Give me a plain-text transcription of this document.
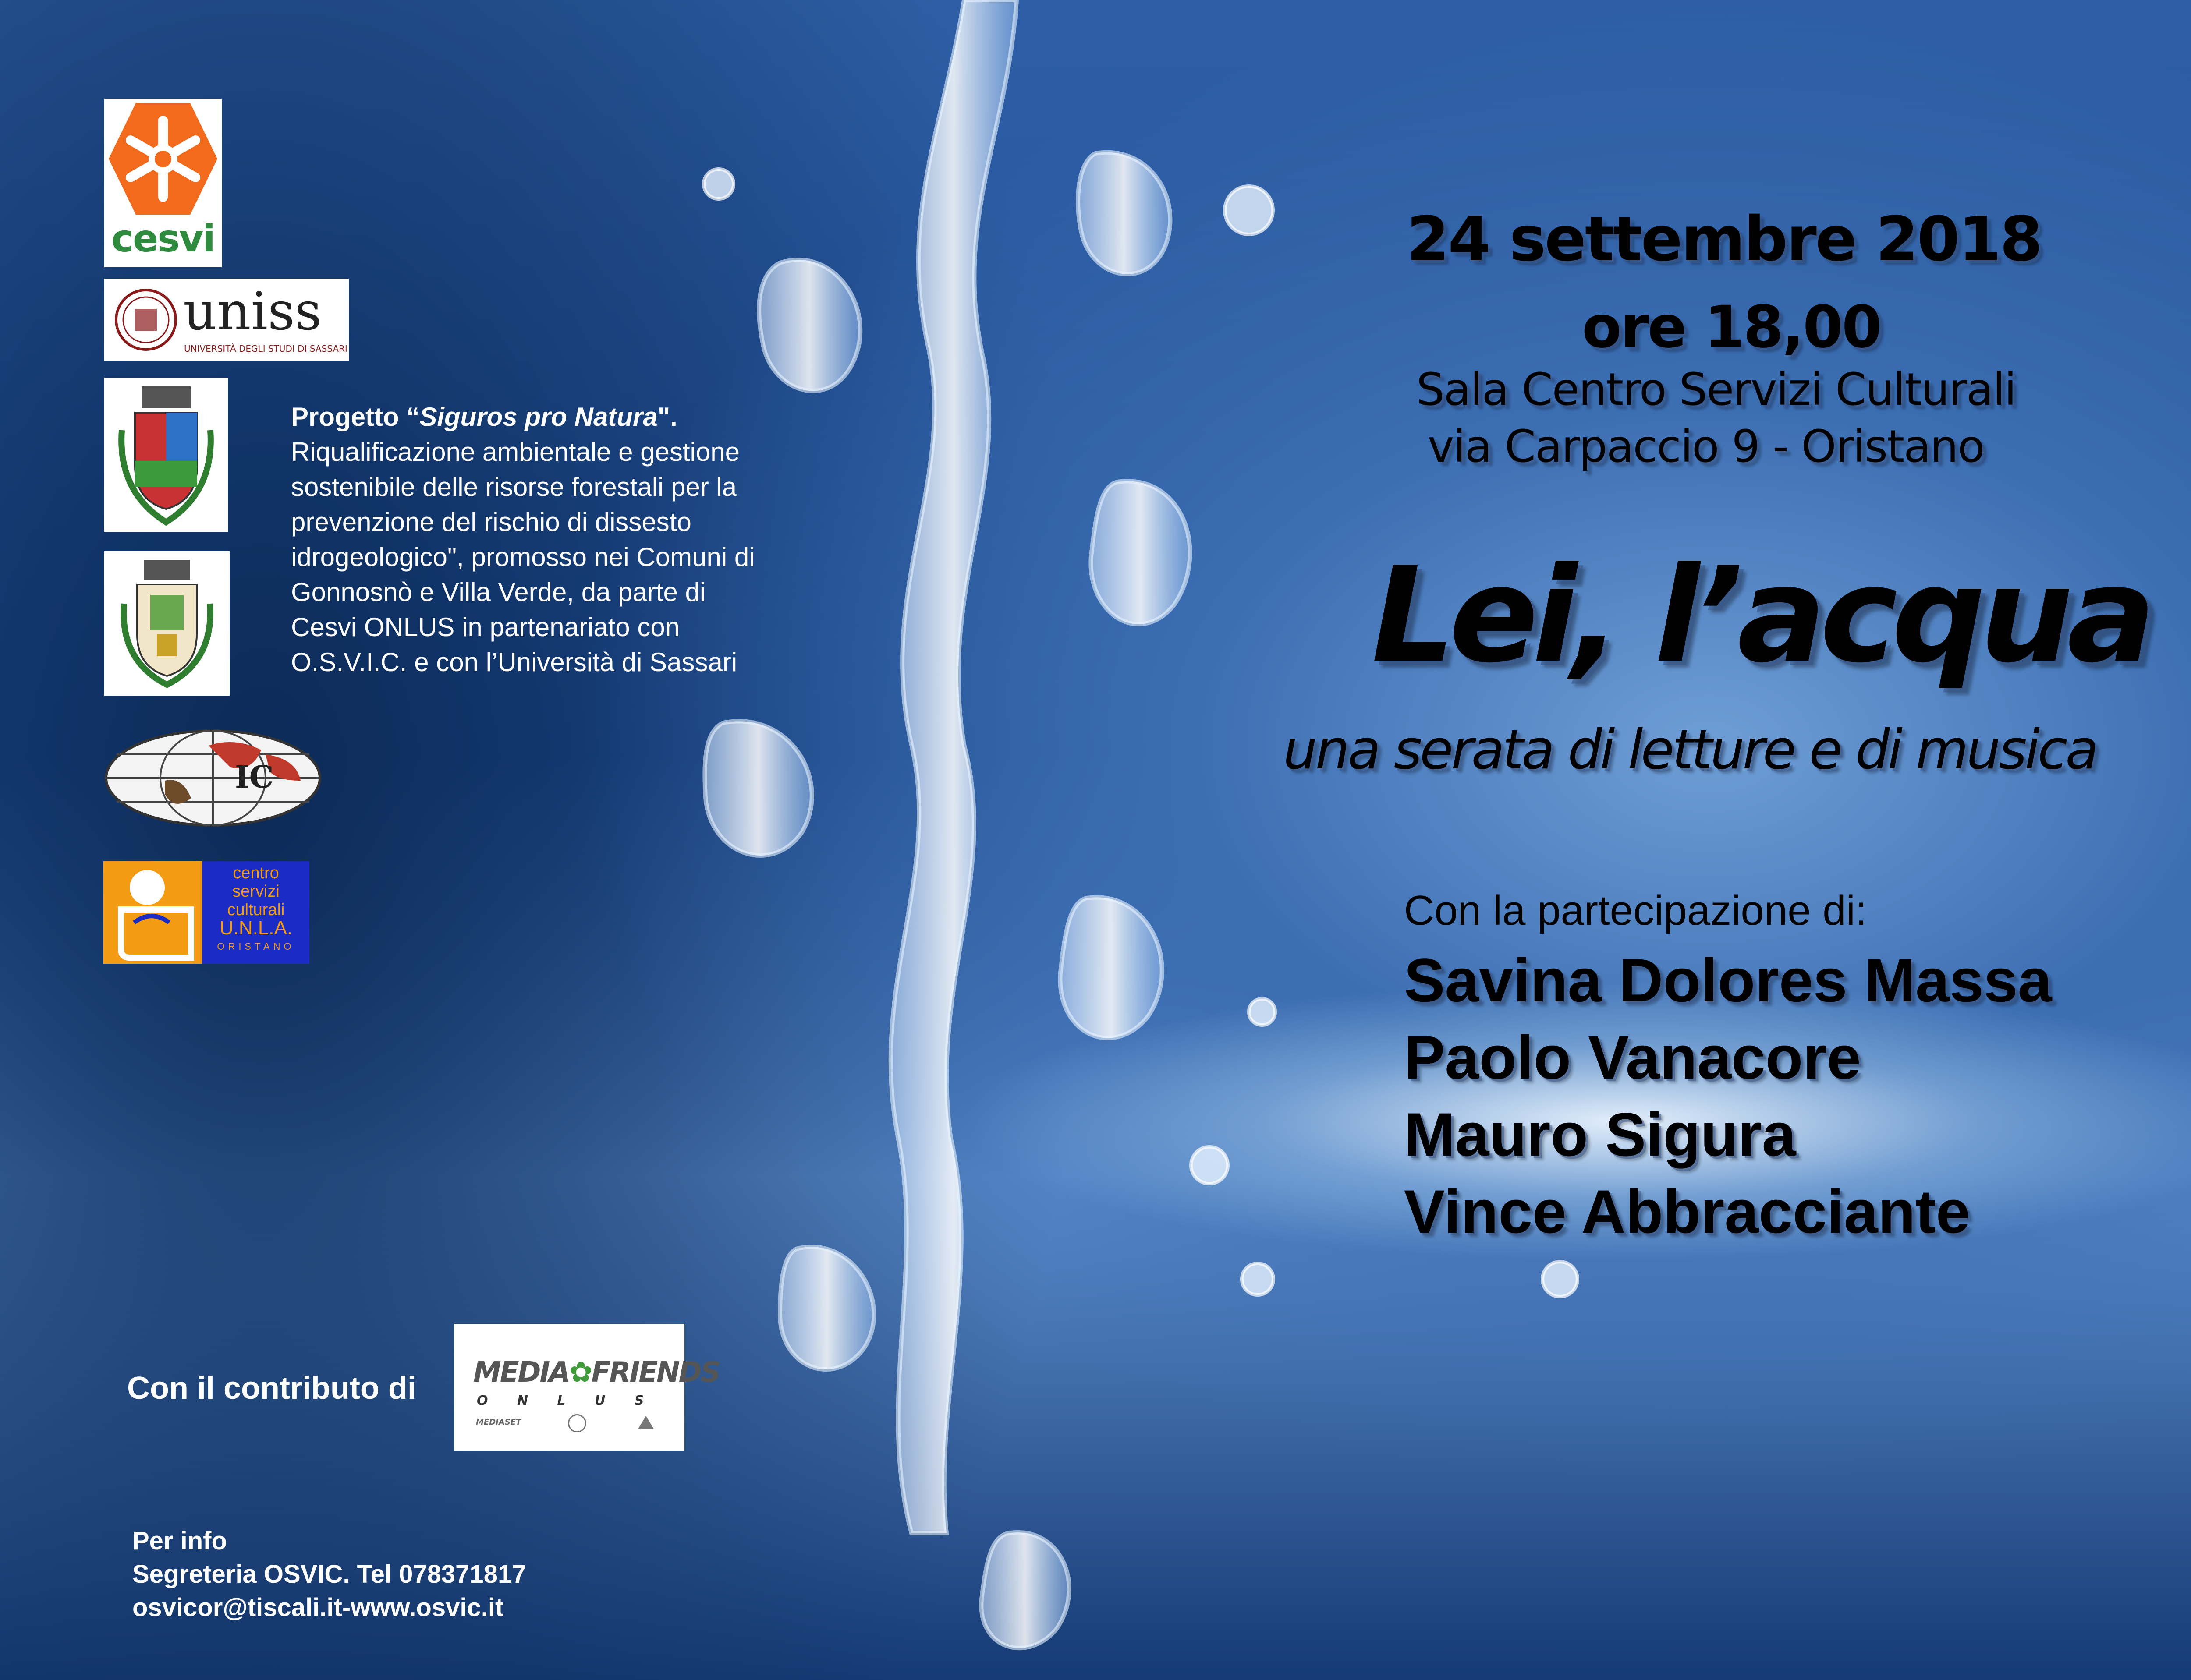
cesvi
uniss
UNIVERSITÀ DEGLI STUDI DI SASSARI
IC
centro
servizi
culturali
U.N.L.A.
ORISTANO
Progetto “Siguros pro Natura".
Riqualificazione ambientale e gestione
sostenibile delle risorse forestali per la
prevenzione del rischio di dissesto
idrogeologico", promosso nei Comuni di
Gonnosnò e Villa Verde, da parte di
Cesvi ONLUS in partenariato con
O.S.V.I.C. e con l’Università di Sassari
24 settembre 2018
ore 18,00
Sala Centro Servizi Culturali
via Carpaccio 9 - Oristano
Lei, l’acqua
una serata di letture e di musica
Con la partecipazione di:
Savina Dolores Massa
Paolo Vanacore
Mauro Sigura
Vince Abbracciante
Con il contributo di MEDIA✿FRIENDS
O N L U S
MEDIASET
Per info
Segreteria OSVIC. Tel 078371817
osvicor@tiscali.it-www.osvic.it
